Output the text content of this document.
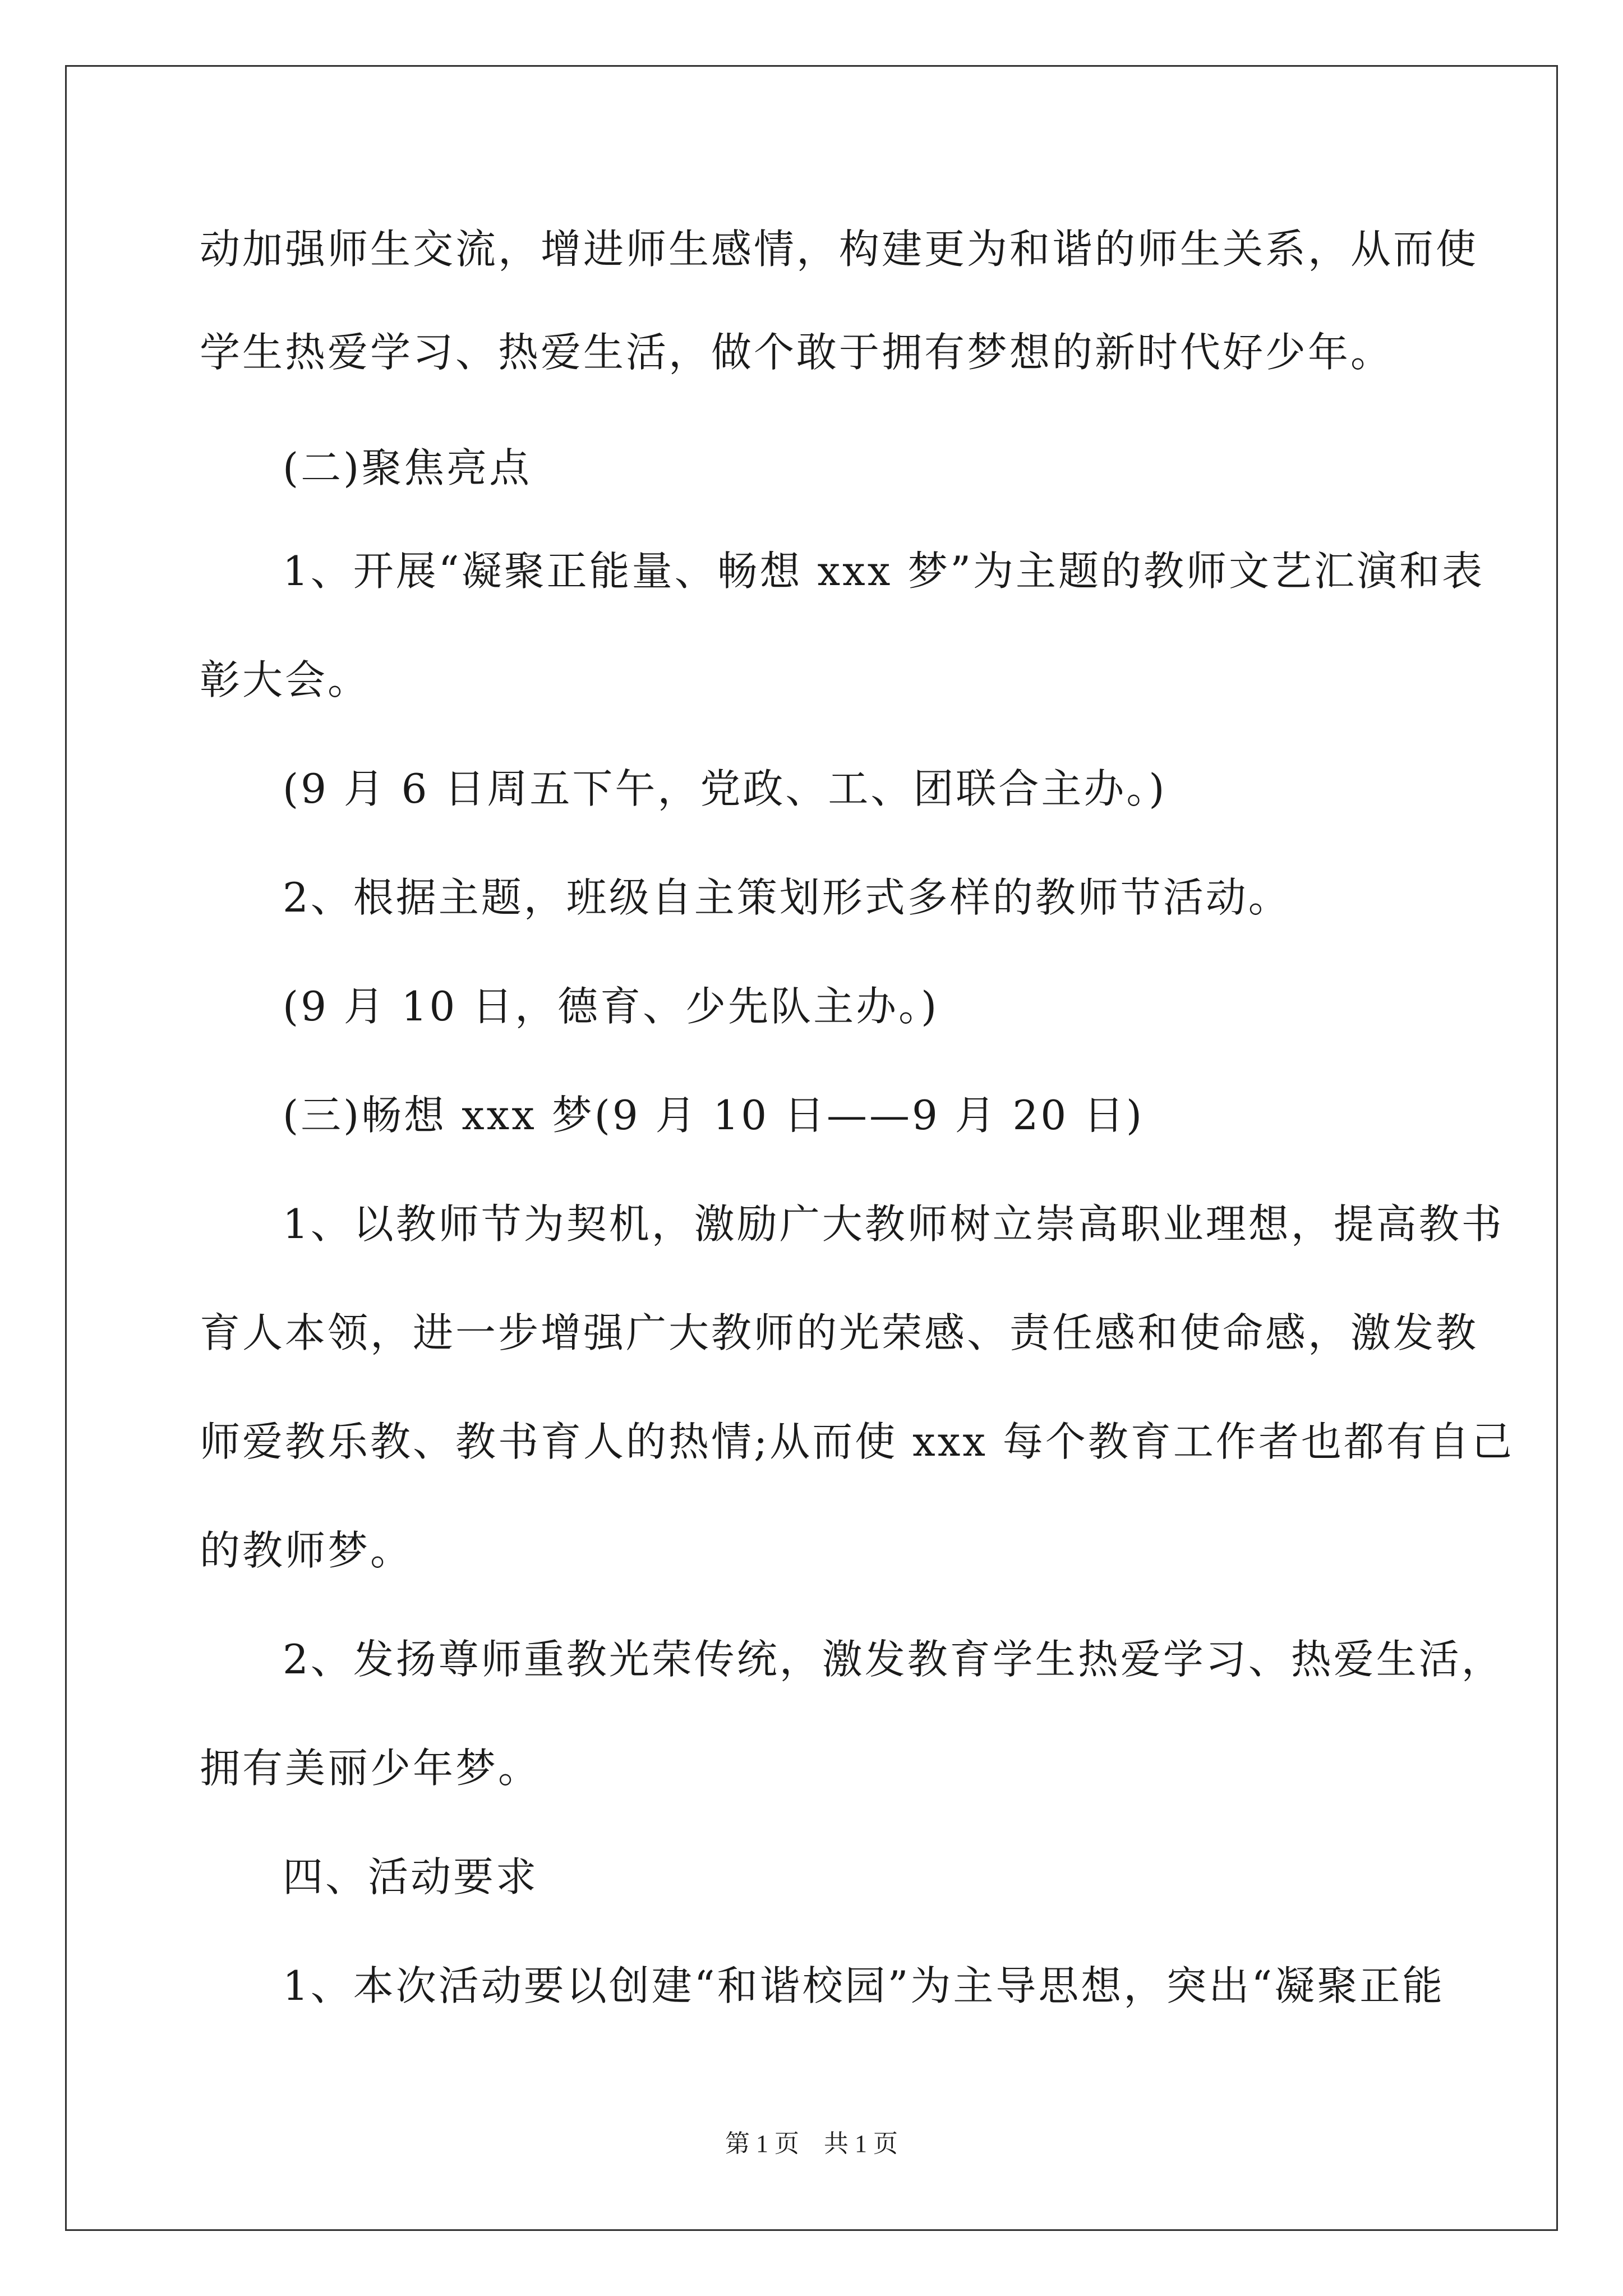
动加强师生交流，增进师生感情，构建更为和谐的师生关系，从而使
学生热爱学习、热爱生活，做个敢于拥有梦想的新时代好少年。
(二)聚焦亮点
1、开展“凝聚正能量、畅想 xxx 梦”为主题的教师文艺汇演和表
彰大会。
(9 月 6 日周五下午，党政、工、团联合主办。)
2、根据主题，班级自主策划形式多样的教师节活动。
(9 月 10 日，德育、少先队主办。)
(三)畅想 xxx 梦(9 月 10 日——9 月 20 日)
1、以教师节为契机，激励广大教师树立崇高职业理想，提高教书
育人本领，进一步增强广大教师的光荣感、责任感和使命感，激发教
师爱教乐教、教书育人的热情;从而使 xxx 每个教育工作者也都有自己
的教师梦。
2、发扬尊师重教光荣传统，激发教育学生热爱学习、热爱生活，
拥有美丽少年梦。
四、活动要求
1、本次活动要以创建“和谐校园”为主导思想，突出“凝聚正能
第 1 页　共 1 页
